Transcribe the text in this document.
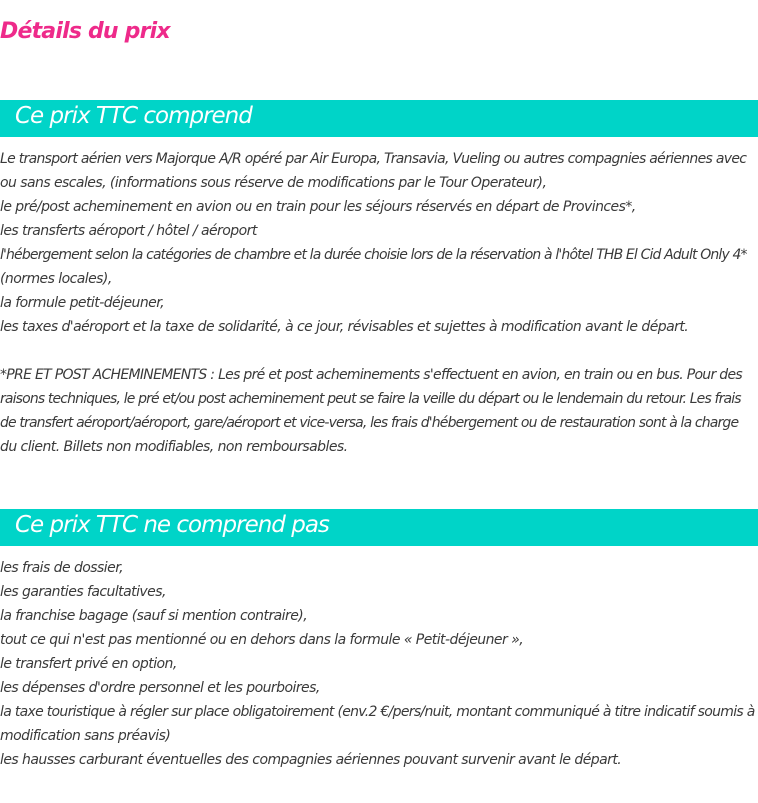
Détails du prix
Ce prix TTC comprend
Le transport aérien vers Majorque A/R opéré par Air Europa, Transavia, Vueling ou autres compagnies aériennes avec
ou sans escales, (informations sous réserve de modifications par le Tour Operateur),
le pré/post acheminement en avion ou en train pour les séjours réservés en départ de Provinces*,
les transferts aéroport / hôtel / aéroport
l'hébergement selon la catégories de chambre et la durée choisie lors de la réservation à l'hôtel THB El Cid Adult Only 4*
(normes locales),
la formule petit-déjeuner,
les taxes d'aéroport et la taxe de solidarité, à ce jour, révisables et sujettes à modification avant le départ.
*PRE ET POST ACHEMINEMENTS : Les pré et post acheminements s'effectuent en avion, en train ou en bus. Pour des
raisons techniques, le pré et/ou post acheminement peut se faire la veille du départ ou le lendemain du retour. Les frais
de transfert aéroport/aéroport, gare/aéroport et vice-versa, les frais d'hébergement ou de restauration sont à la charge
du client. Billets non modifiables, non remboursables.
Ce prix TTC ne comprend pas
les frais de dossier,
les garanties facultatives,
la franchise bagage (sauf si mention contraire),
tout ce qui n'est pas mentionné ou en dehors dans la formule « Petit-déjeuner »,
le transfert privé en option,
les dépenses d'ordre personnel et les pourboires,
la taxe touristique à régler sur place obligatoirement (env.2 €/pers/nuit, montant communiqué à titre indicatif soumis à
modification sans préavis)
les hausses carburant éventuelles des compagnies aériennes pouvant survenir avant le départ.
